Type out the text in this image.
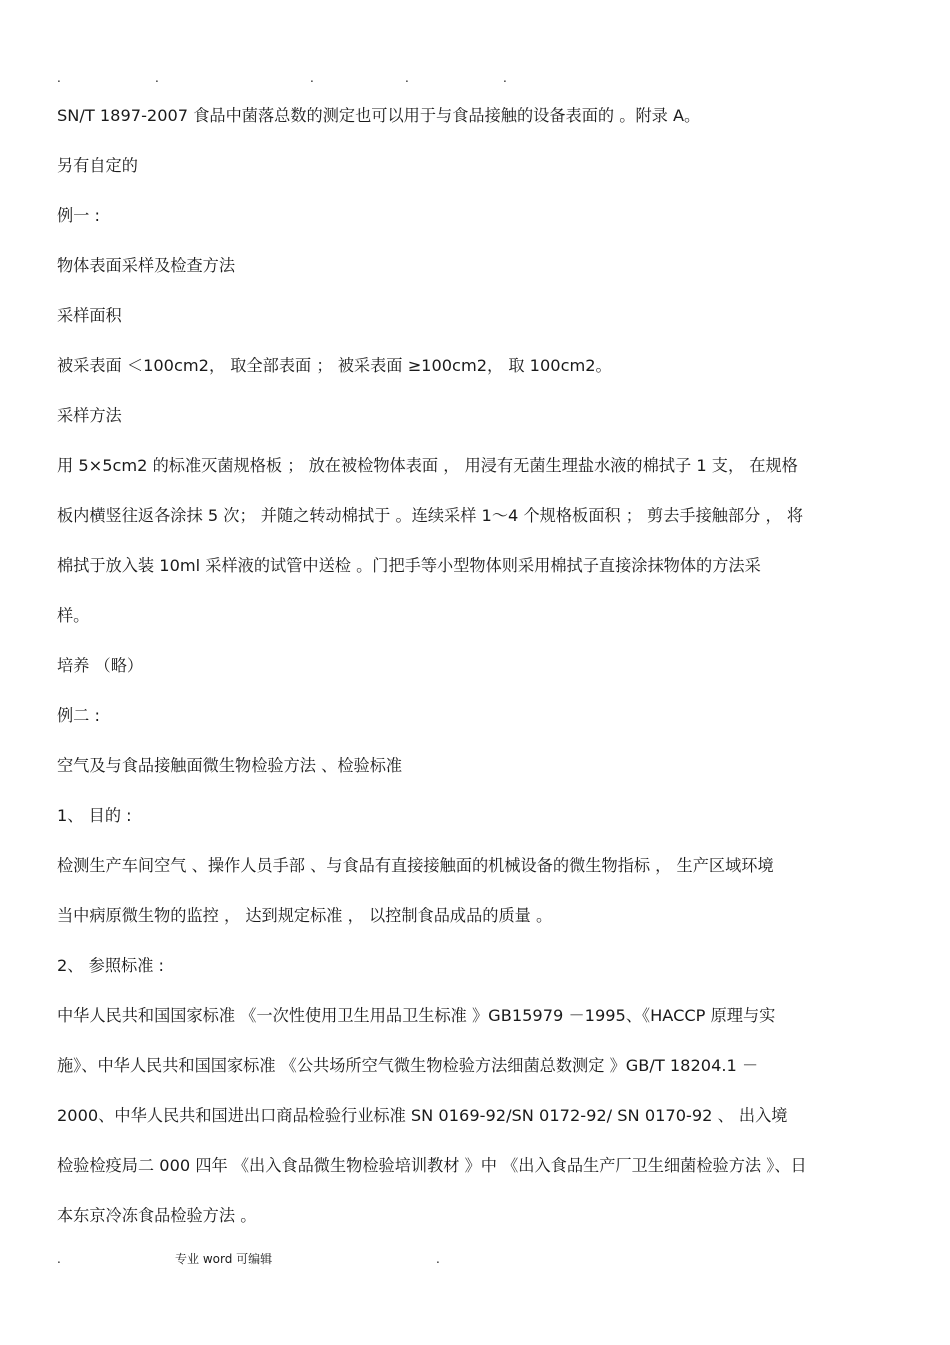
.	.	.	.	.
SN/T 1897-2007 食品中菌落总数的测定也可以用于与食品接触的设备表面的 。附录 A。
另有自定的
例一 :
物体表面采样及检查方法
采样面积
被采表面 ＜100cm2， 取全部表面 ； 被采表面 ≥100cm2， 取 100cm2。
采样方法
用 5×5cm2 的标准灭菌规格板 ； 放在被检物体表面 ， 用浸有无菌生理盐水液的棉拭子 1 支， 在规格
板内横竖往返各涂抹 5 次； 并随之转动棉拭于 。连续采样 1～4 个规格板面积 ； 剪去手接触部分 ， 将
棉拭于放入装 10ml 采样液的试管中送检 。门把手等小型物体则采用棉拭子直接涂抹物体的方法采
样。
培养 （略）
例二 :
空气及与食品接触面微生物检验方法 、检验标准
1、 目的 :
检测生产车间空气 、操作人员手部 、与食品有直接接触面的机械设备的微生物指标 ， 生产区域环境
当中病原微生物的监控 ， 达到规定标准 ， 以控制食品成品的质量 。
2、 参照标准 :
中华人民共和国国家标准 《一次性使用卫生用品卫生标准 》GB15979 －1995、《HACCP 原理与实
施》、中华人民共和国国家标准 《公共场所空气微生物检验方法细菌总数测定 》GB/T 18204.1 －
2000、中华人民共和国进出口商品检验行业标准 SN 0169-92/SN 0172-92/ SN 0170-92 、 出入境
检验检疫局二 000 四年 《出入食品微生物检验培训教材 》中 《出入食品生产厂卫生细菌检验方法 》、日
本东京冷冻食品检验方法 。
.	专业 word 可编辑	.
